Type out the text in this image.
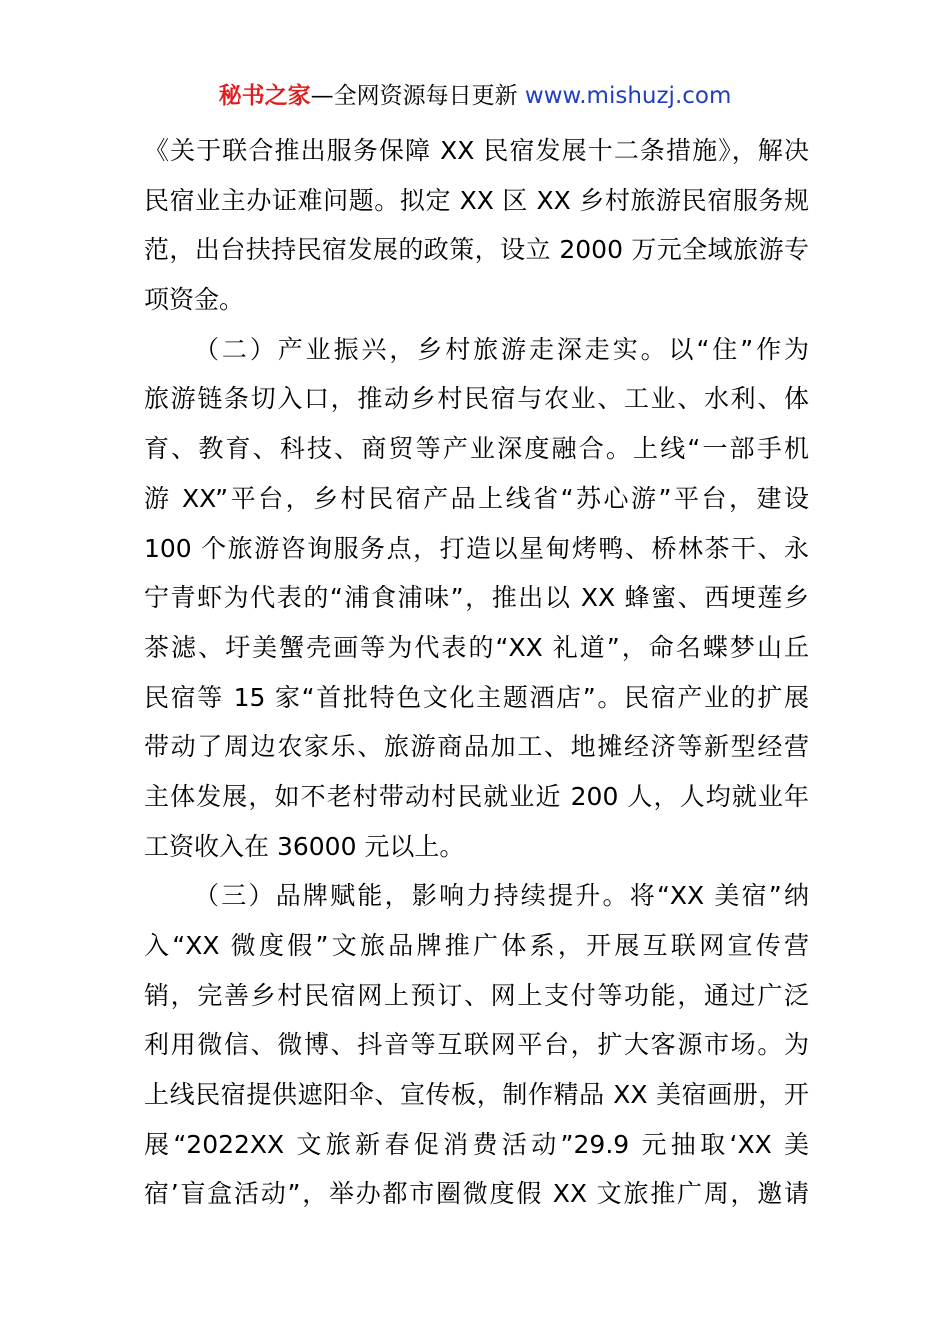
秘书之家—全网资源每日更新 www.mishuzj.com
《关于联合推出服务保障 XX 民宿发展十二条措施》，解决
民宿业主办证难问题。拟定 XX 区 XX 乡村旅游民宿服务规
范，出台扶持民宿发展的政策，设立 2000 万元全域旅游专
项资金。
（二）产业振兴，乡村旅游走深走实。以“住”作为
旅游链条切入口，推动乡村民宿与农业、工业、水利、体
育、教育、科技、商贸等产业深度融合。上线“一部手机
游 XX”平台，乡村民宿产品上线省“苏心游”平台，建设
100 个旅游咨询服务点，打造以星甸烤鸭、桥林茶干、永
宁青虾为代表的“浦食浦味”，推出以 XX 蜂蜜、西埂莲乡
茶滤、圩美蟹壳画等为代表的“XX 礼道”，命名蝶梦山丘
民宿等 15 家“首批特色文化主题酒店”。民宿产业的扩展
带动了周边农家乐、旅游商品加工、地摊经济等新型经营
主体发展，如不老村带动村民就业近 200 人，人均就业年
工资收入在 36000 元以上。
（三）品牌赋能，影响力持续提升。将“XX 美宿”纳
入“XX 微度假”文旅品牌推广体系，开展互联网宣传营
销，完善乡村民宿网上预订、网上支付等功能，通过广泛
利用微信、微博、抖音等互联网平台，扩大客源市场。为
上线民宿提供遮阳伞、宣传板，制作精品 XX 美宿画册，开
展“2022XX 文旅新春促消费活动”29.9 元抽取‘XX 美
宿’盲盒活动”，举办都市圈微度假 XX 文旅推广周，邀请
